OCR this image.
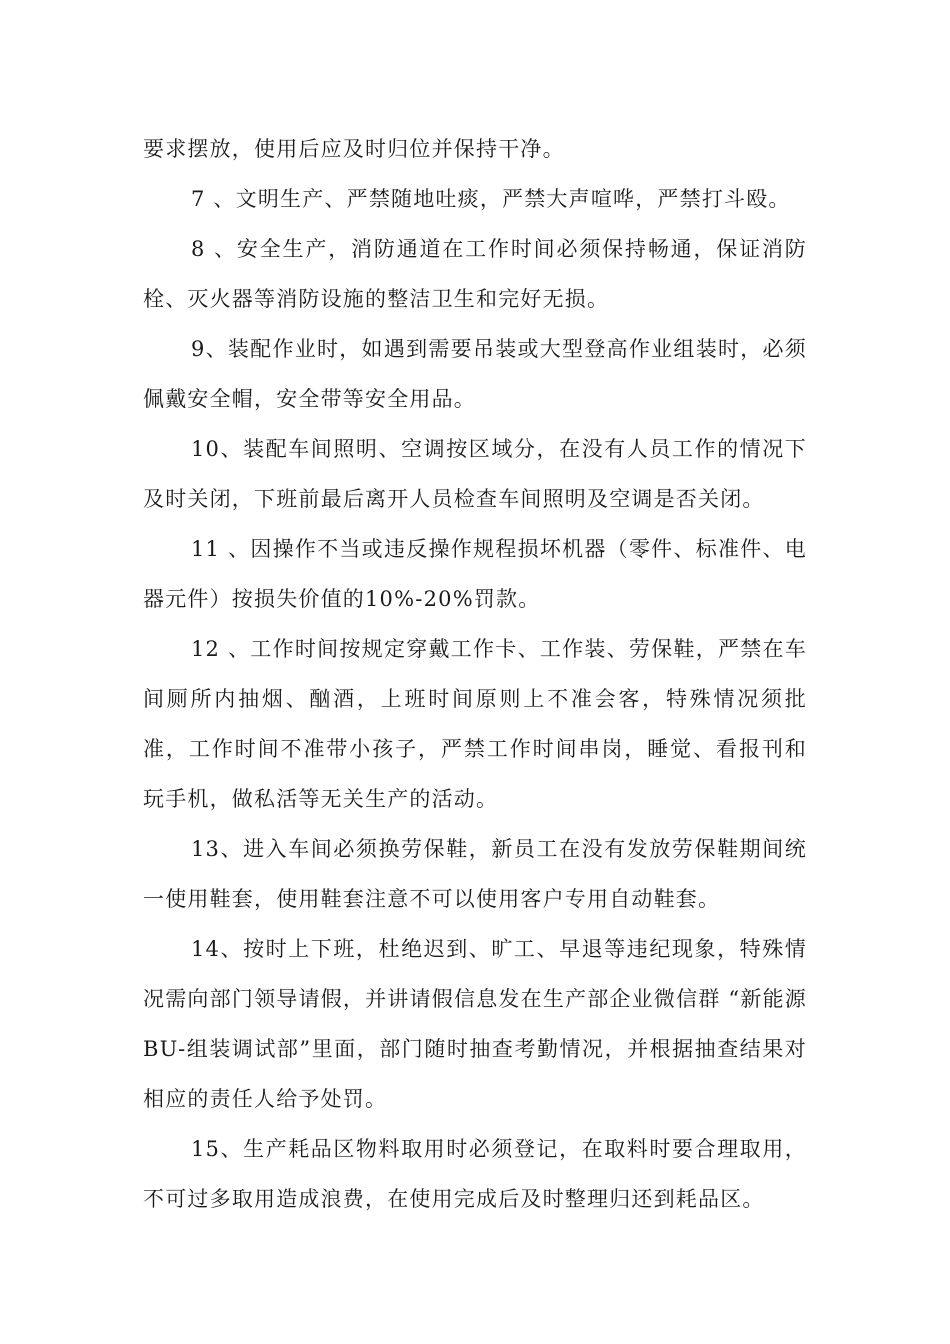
要求摆放，使用后应及时归位并保持干净。

7 、文明生产、严禁随地吐痰，严禁大声喧哗，严禁打斗殴。

8 、安全生产，消防通道在工作时间必须保持畅通，保证消防栓、灭火器等消防设施的整洁卫生和完好无损。

9、装配作业时，如遇到需要吊装或大型登高作业组装时，必须佩戴安全帽，安全带等安全用品。

10、装配车间照明、空调按区域分，在没有人员工作的情况下及时关闭，下班前最后离开人员检查车间照明及空调是否关闭。

11 、因操作不当或违反操作规程损坏机器（零件、标准件、电器元件）按损失价值的10%-20%罚款。

12 、工作时间按规定穿戴工作卡、工作装、劳保鞋，严禁在车间厕所内抽烟、酗酒，上班时间原则上不准会客，特殊情况须批准，工作时间不准带小孩子，严禁工作时间串岗，睡觉、看报刊和玩手机，做私活等无关生产的活动。

13、进入车间必须换劳保鞋，新员工在没有发放劳保鞋期间统一使用鞋套，使用鞋套注意不可以使用客户专用自动鞋套。

14、按时上下班，杜绝迟到、旷工、早退等违纪现象，特殊情况需向部门领导请假，并讲请假信息发在生产部企业微信群 “新能源BU-组装调试部”里面，部门随时抽查考勤情况，并根据抽查结果对相应的责任人给予处罚。

15、生产耗品区物料取用时必须登记，在取料时要合理取用，不可过多取用造成浪费，在使用完成后及时整理归还到耗品区。
